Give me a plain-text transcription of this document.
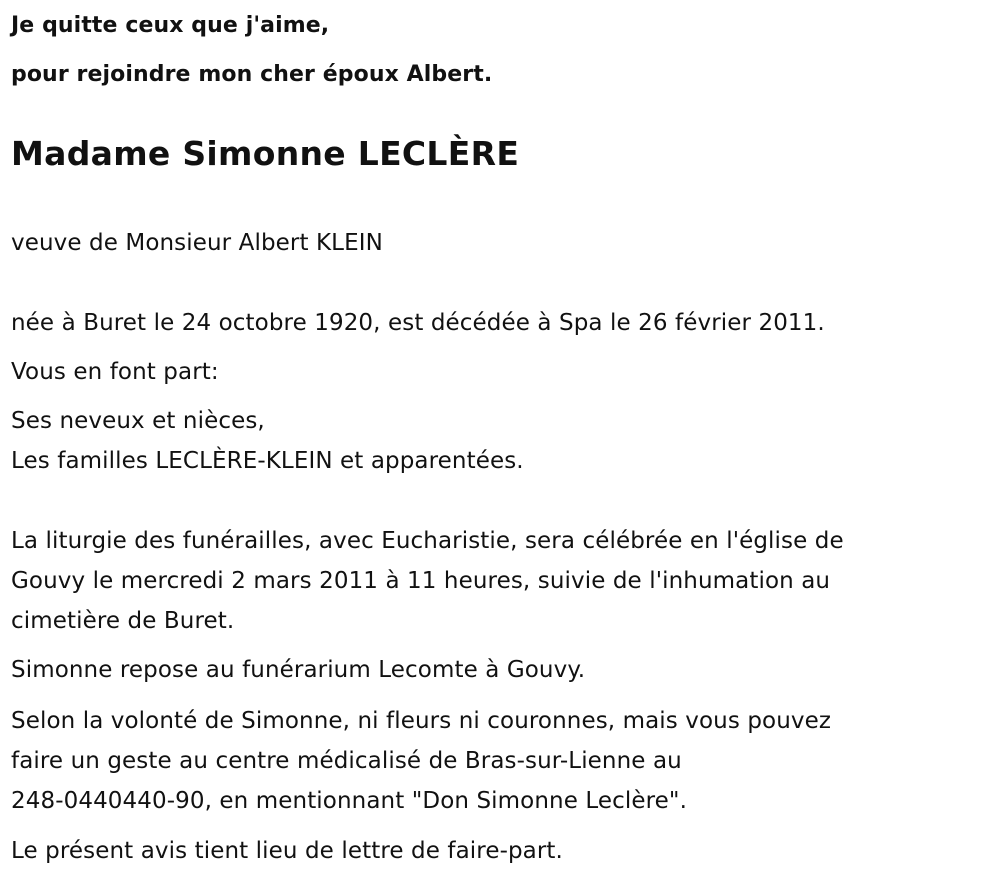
Je quitte ceux que j'aime,
pour rejoindre mon cher époux Albert.
Madame Simonne LECLÈRE
veuve de Monsieur Albert KLEIN
née à Buret le 24 octobre 1920, est décédée à Spa le 26 février 2011.
Vous en font part:
Ses neveux et nièces,
Les familles LECLÈRE-KLEIN et apparentées.
La liturgie des funérailles, avec Eucharistie, sera célébrée en l'église de
Gouvy le mercredi 2 mars 2011 à 11 heures, suivie de l'inhumation au
cimetière de Buret.
Simonne repose au funérarium Lecomte à Gouvy.
Selon la volonté de Simonne, ni fleurs ni couronnes, mais vous pouvez
faire un geste au centre médicalisé de Bras-sur-Lienne au
248-0440440-90, en mentionnant "Don Simonne Leclère".
Le présent avis tient lieu de lettre de faire-part.
